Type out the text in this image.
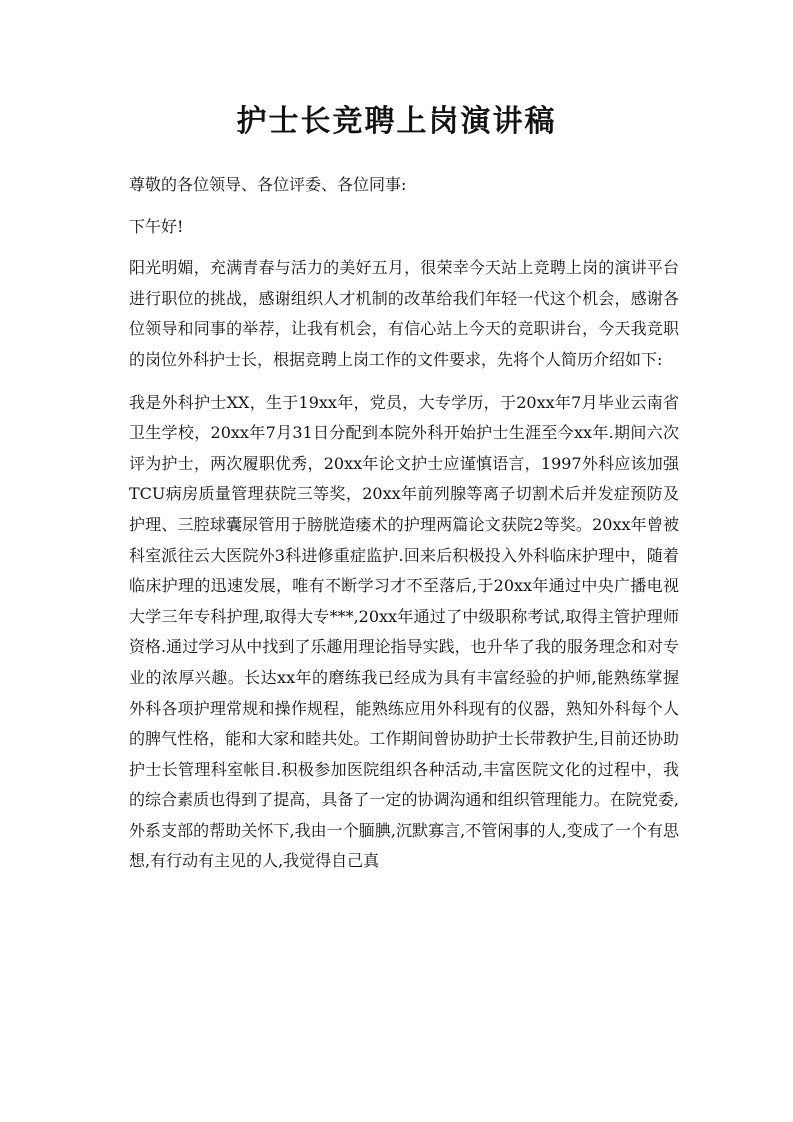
护士长竞聘上岗演讲稿

尊敬的各位领导、各位评委、各位同事:

下午好!

阳光明媚，充满青春与活力的美好五月，很荣幸今天站上竞聘上岗的演讲平台进行职位的挑战，感谢组织人才机制的改革给我们年轻一代这个机会，感谢各位领导和同事的举荐，让我有机会，有信心站上今天的竞职讲台，今天我竞职的岗位外科护士长，根据竞聘上岗工作的文件要求，先将个人简历介绍如下:

我是外科护士XX，生于19xx年，党员，大专学历，于20xx年7月毕业云南省卫生学校，20xx年7月31日分配到本院外科开始护士生涯至今xx年.期间六次评为护士，两次履职优秀，20xx年论文护士应谨慎语言，1997外科应该加强TCU病房质量管理获院三等奖，20xx年前列腺等离子切割术后并发症预防及护理、三腔球囊尿管用于膀胱造瘘术的护理两篇论文获院2等奖。20xx年曾被科室派往云大医院外3科进修重症监护.回来后积极投入外科临床护理中，随着临床护理的迅速发展，唯有不断学习才不至落后,于20xx年通过中央广播电视大学三年专科护理,取得大专***,20xx年通过了中级职称考试,取得主管护理师资格.通过学习从中找到了乐趣用理论指导实践，也升华了我的服务理念和对专业的浓厚兴趣。长达xx年的磨练我已经成为具有丰富经验的护师,能熟练掌握外科各项护理常规和操作规程，能熟练应用外科现有的仪器，熟知外科每个人的脾气性格，能和大家和睦共处。工作期间曾协助护士长带教护生,目前还协助护士长管理科室帐目.积极参加医院组织各种活动,丰富医院文化的过程中，我的综合素质也得到了提高，具备了一定的协调沟通和组织管理能力。在院党委,外系支部的帮助关怀下,我由一个腼腆,沉默寡言,不管闲事的人,变成了一个有思想,有行动有主见的人,我觉得自己真
